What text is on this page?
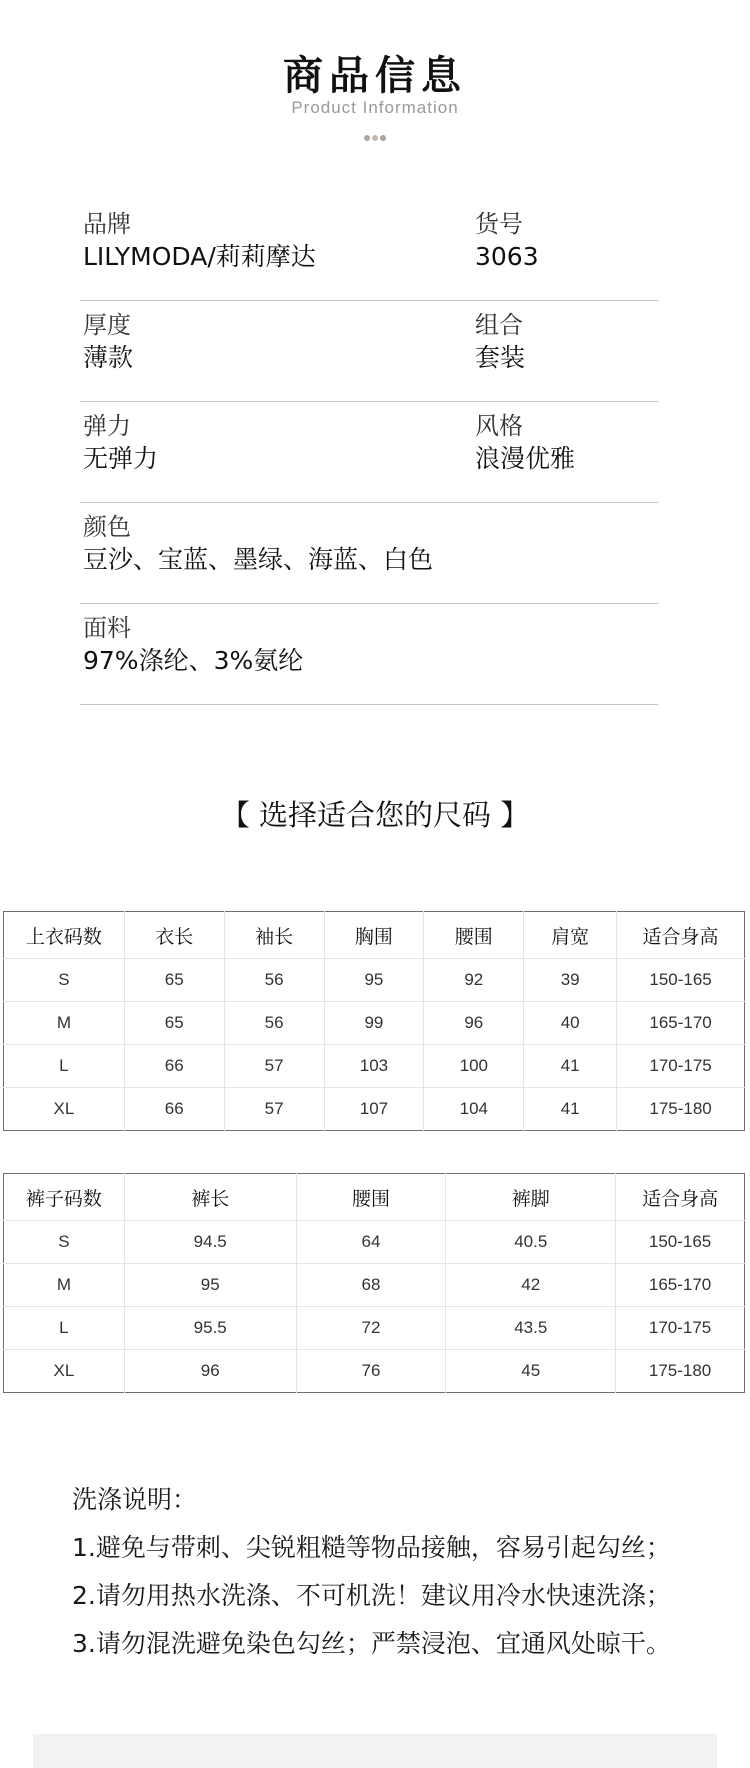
商品信息
Product Information
品牌
LILYMODA/莉莉摩达
货号
3063
厚度
薄款
组合
套装
弹力
无弹力
风格
浪漫优雅
颜色
豆沙、宝蓝、墨绿、海蓝、白色
面料
97%涤纶、3%氨纶
【 选择适合您的尺码 】
上衣码数	衣长	袖长	胸围	腰围	肩宽	适合身高
S	65	56	95	92	39	150-165
M	65	56	99	96	40	165-170
L	66	57	103	100	41	170-175
XL	66	57	107	104	41	175-180
裤子码数	裤长	腰围	裤脚	适合身高
S	94.5	64	40.5	150-165
M	95	68	42	165-170
L	95.5	72	43.5	170-175
XL	96	76	45	175-180
洗涤说明：
1.避免与带刺、尖锐粗糙等物品接触，容易引起勾丝；
2.请勿用热水洗涤、不可机洗！建议用冷水快速洗涤；
3.请勿混洗避免染色勾丝；严禁浸泡、宜通风处晾干。
